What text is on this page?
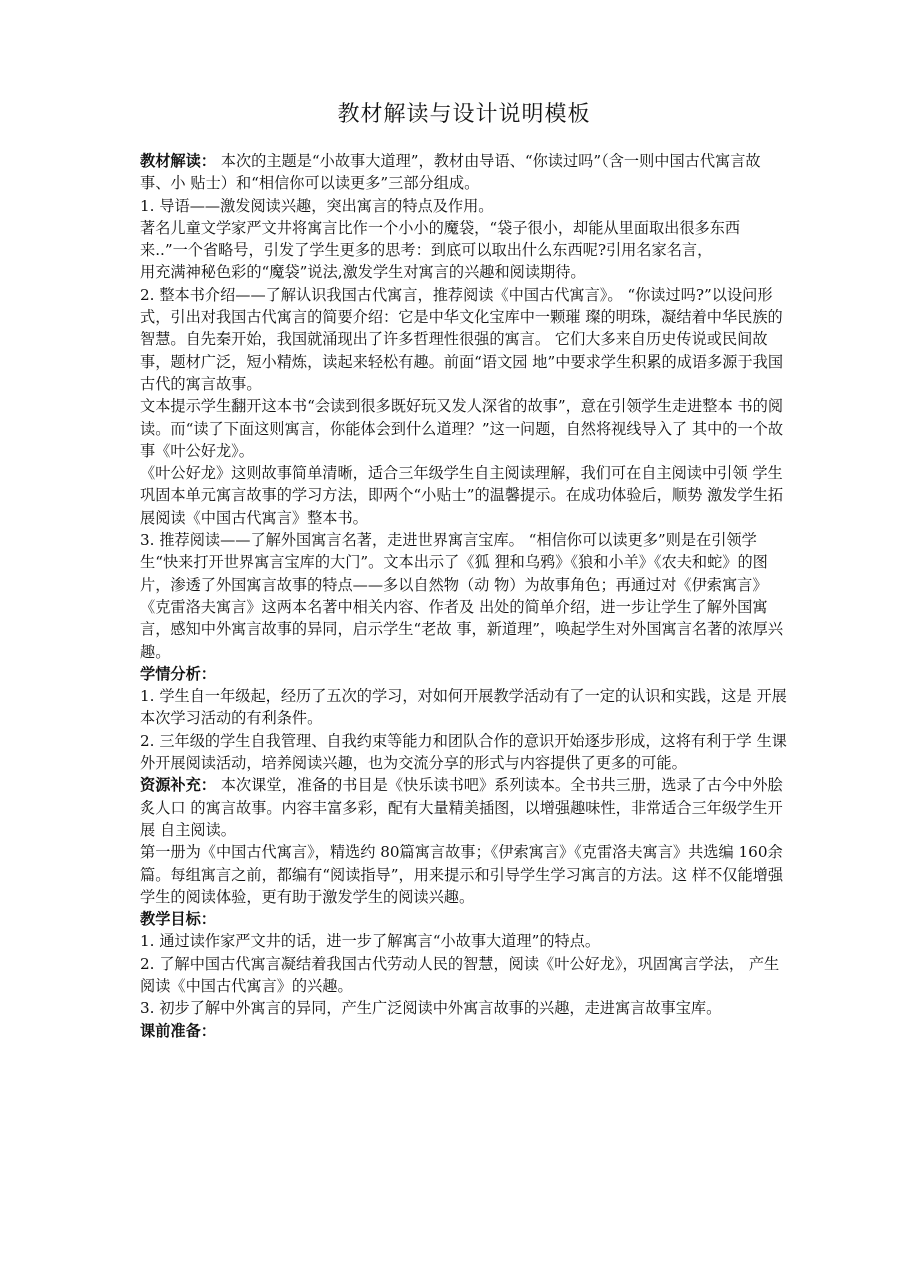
教材解读与设计说明模板

教材解读： 本次的主题是“小故事大道理”，教材由导语、“你读过吗”（含一则中国古代寓言故事、小 贴士）和“相信你可以读更多”三部分组成。

1. 导语——激发阅读兴趣，突出寓言的特点及作用。

著名儿童文学家严文井将寓言比作一个小小的魔袋，“袋子很小，却能从里面取出很多东西 来..”一个省略号，引发了学生更多的思考：到底可以取出什么东西呢?引用名家名言，

用充满神秘色彩的“魔袋”说法,激发学生对寓言的兴趣和阅读期待。

2. 整本书介绍——了解认识我国古代寓言，推荐阅读《中国古代寓言》。 “你读过吗?”以设问形式，引出对我国古代寓言的简要介绍：它是中华文化宝库中一颗璀 璨的明珠，凝结着中华民族的智慧。自先秦开始，我国就涌现出了许多哲理性很强的寓言。 它们大多来自历史传说或民间故事，题材广泛，短小精炼，读起来轻松有趣。前面“语文园 地”中要求学生积累的成语多源于我国古代的寓言故事。

文本提示学生翻开这本书“会读到很多既好玩又发人深省的故事”，意在引领学生走进整本 书的阅读。而“读了下面这则寓言，你能体会到什么道理？”这一问题，自然将视线导入了 其中的一个故事《叶公好龙》。

《叶公好龙》这则故事简单清晰，适合三年级学生自主阅读理解，我们可在自主阅读中引领 学生巩固本单元寓言故事的学习方法，即两个“小贴士”的温馨提示。在成功体验后，顺势 激发学生拓展阅读《中国古代寓言》整本书。

3. 推荐阅读——了解外国寓言名著，走进世界寓言宝库。 “相信你可以读更多”则是在引领学生“快来打开世界寓言宝库的大门”。文本出示了《狐 狸和乌鸦》《狼和小羊》《农夫和蛇》的图片，渗透了外国寓言故事的特点——多以自然物（动 物）为故事角色；再通过对《伊索寓言》《克雷洛夫寓言》这两本名著中相关内容、作者及 出处的简单介绍，进一步让学生了解外国寓言，感知中外寓言故事的异同，启示学生“老故 事，新道理”，唤起学生对外国寓言名著的浓厚兴趣。

学情分析：

1. 学生自一年级起，经历了五次的学习，对如何开展教学活动有了一定的认识和实践，这是 开展本次学习活动的有利条件。

2. 三年级的学生自我管理、自我约束等能力和团队合作的意识开始逐步形成，这将有利于学 生课外开展阅读活动，培养阅读兴趣，也为交流分享的形式与内容提供了更多的可能。

资源补充： 本次课堂，准备的书目是《快乐读书吧》系列读本。全书共三册，选录了古今中外脍炙人口 的寓言故事。内容丰富多彩，配有大量精美插图，以增强趣味性，非常适合三年级学生开展 自主阅读。

第一册为《中国古代寓言》，精选约 80篇寓言故事；《伊索寓言》《克雷洛夫寓言》共选编 160余篇。每组寓言之前，都编有“阅读指导”，用来提示和引导学生学习寓言的方法。这 样不仅能增强学生的阅读体验，更有助于激发学生的阅读兴趣。

教学目标：

1. 通过读作家严文井的话，进一步了解寓言“小故事大道理”的特点。

2. 了解中国古代寓言凝结着我国古代劳动人民的智慧，阅读《叶公好龙》，巩固寓言学法， 产生阅读《中国古代寓言》的兴趣。

3. 初步了解中外寓言的异同，产生广泛阅读中外寓言故事的兴趣，走进寓言故事宝库。

课前准备：
